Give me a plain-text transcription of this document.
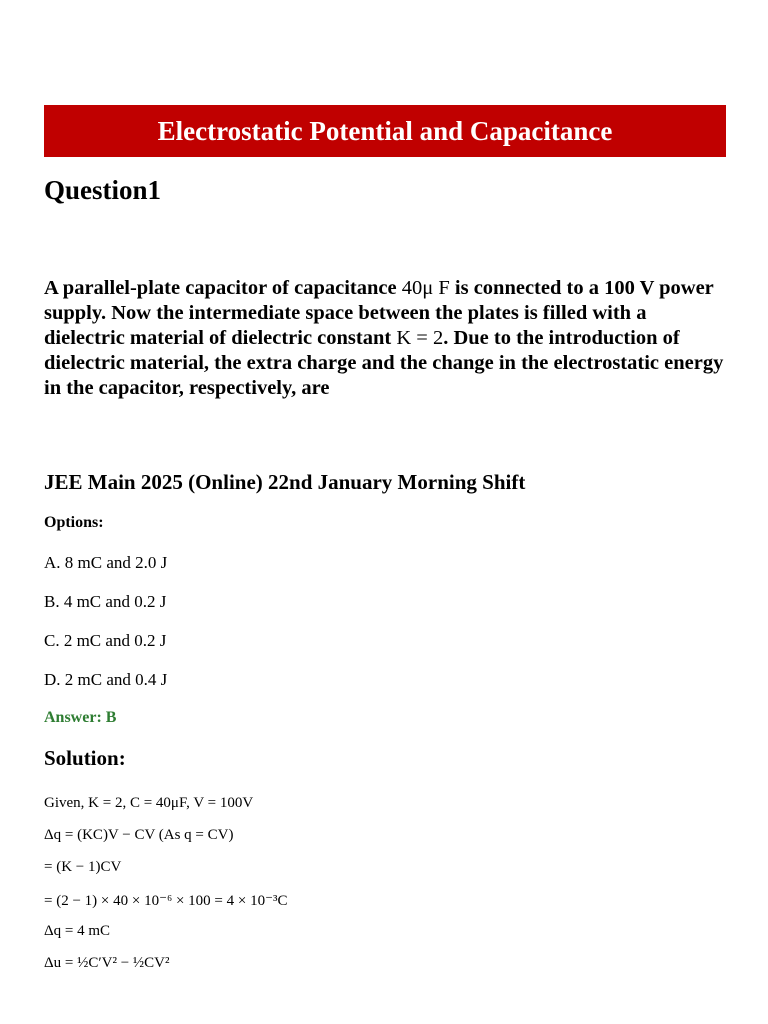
Electrostatic Potential and Capacitance
Question1
A parallel-plate capacitor of capacitance 40μ F is connected to a 100 V power supply. Now the intermediate space between the plates is filled with a dielectric material of dielectric constant K = 2. Due to the introduction of dielectric material, the extra charge and the change in the electrostatic energy in the capacitor, respectively, are
JEE Main 2025 (Online) 22nd January Morning Shift
Options:
A. 8 mC and 2.0 J
B. 4 mC and 0.2 J
C. 2 mC and 0.2 J
D. 2 mC and 0.4 J
Answer: B
Solution:
Given, K = 2, C = 40μF, V = 100V
Δq = (KC)V − CV (As q = CV)
= (K − 1)CV
= (2 − 1) × 40 × 10⁻⁶ × 100 = 4 × 10⁻³C
Δq = 4 mC
Δu = ½C′V² − ½CV²
